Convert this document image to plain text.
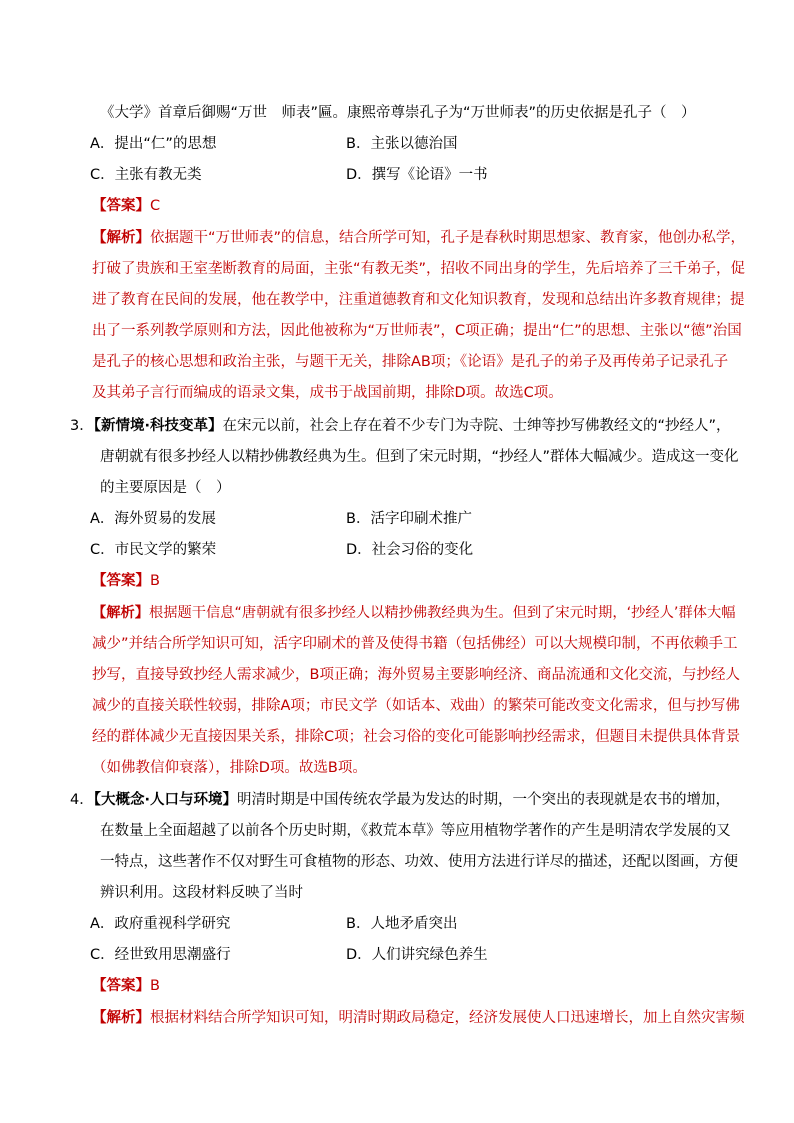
《大学》首章后御赐“万世　师表”匾。康熙帝尊崇孔子为“万世师表”的历史依据是孔子（　）
A．提出“仁”的思想	B．主张以德治国
C．主张有教无类	D．撰写《论语》一书
【答案】C
【解析】依据题干“万世师表”的信息，结合所学可知，孔子是春秋时期思想家、教育家，他创办私学，
打破了贵族和王室垄断教育的局面，主张“有教无类”，招收不同出身的学生，先后培养了三千弟子，促
进了教育在民间的发展，他在教学中，注重道德教育和文化知识教育，发现和总结出许多教育规律；提
出了一系列教学原则和方法，因此他被称为“万世师表”，C项正确；提出“仁”的思想、主张以“德”治国
是孔子的核心思想和政治主张，与题干无关，排除AB项；《论语》是孔子的弟子及再传弟子记录孔子
及其弟子言行而编成的语录文集，成书于战国前期，排除D项。故选C项。
3．【新情境·科技变革】在宋元以前，社会上存在着不少专门为寺院、士绅等抄写佛教经文的“抄经人”，
唐朝就有很多抄经人以精抄佛教经典为生。但到了宋元时期，“抄经人”群体大幅减少。造成这一变化
的主要原因是（　）
A．海外贸易的发展	B．活字印刷术推广
C．市民文学的繁荣	D．社会习俗的变化
【答案】B
【解析】根据题干信息“唐朝就有很多抄经人以精抄佛教经典为生。但到了宋元时期，‘抄经人’群体大幅
减少”并结合所学知识可知，活字印刷术的普及使得书籍（包括佛经）可以大规模印制，不再依赖手工
抄写，直接导致抄经人需求减少，B项正确；海外贸易主要影响经济、商品流通和文化交流，与抄经人
减少的直接关联性较弱，排除A项；市民文学（如话本、戏曲）的繁荣可能改变文化需求，但与抄写佛
经的群体减少无直接因果关系，排除C项；社会习俗的变化可能影响抄经需求，但题目未提供具体背景
（如佛教信仰衰落），排除D项。故选B项。
4．【大概念·人口与环境】明清时期是中国传统农学最为发达的时期，一个突出的表现就是农书的增加，
在数量上全面超越了以前各个历史时期，《救荒本草》等应用植物学著作的产生是明清农学发展的又
一特点，这些著作不仅对野生可食植物的形态、功效、使用方法进行详尽的描述，还配以图画，方便
辨识利用。这段材料反映了当时
A．政府重视科学研究	B．人地矛盾突出
C．经世致用思潮盛行	D．人们讲究绿色养生
【答案】B
【解析】根据材料结合所学知识可知，明清时期政局稳定，经济发展使人口迅速增长，加上自然灾害频
